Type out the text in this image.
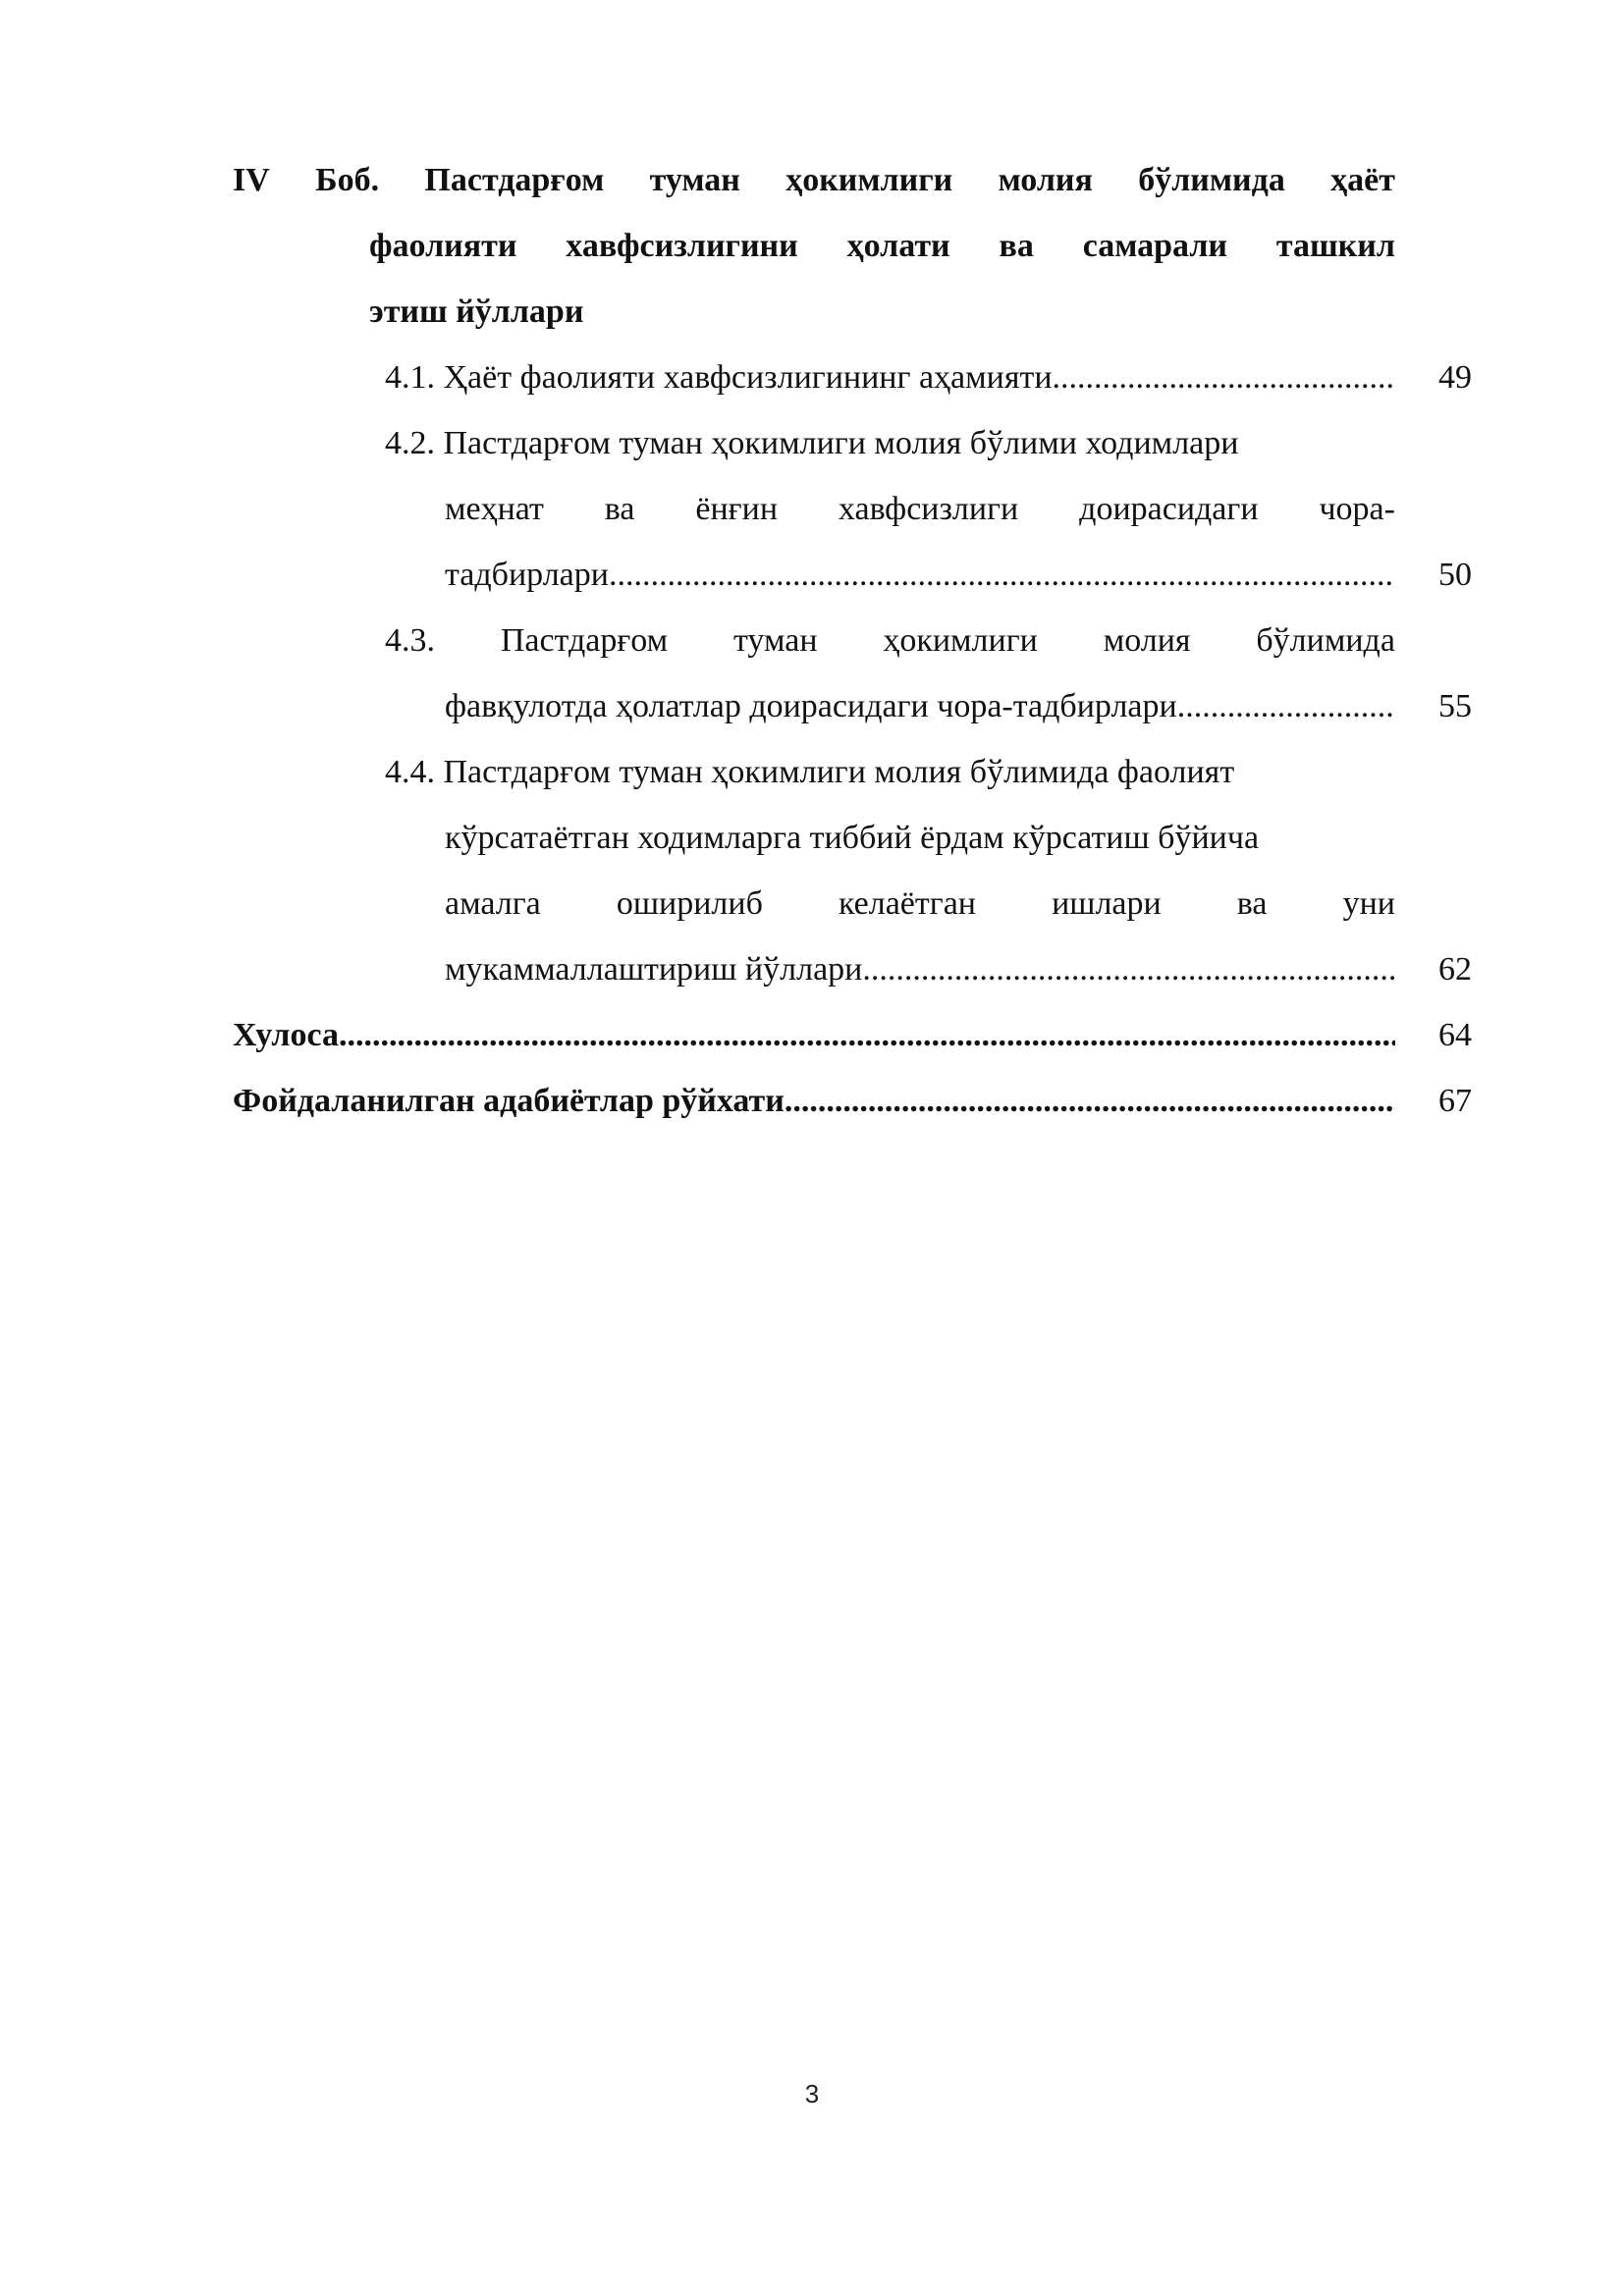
IV Боб. Пастдарғом туман ҳокимлиги молия бўлимида ҳаёт
фаолияти хавфсизлигини ҳолати ва самарали ташкил
этиш йўллари
4.1. Ҳаёт фаолияти хавфсизлигининг аҳамияти .....	49
4.2. Пастдарғом туман ҳокимлиги молия бўлими ходимлари
меҳнат ва ёнғин хавфсизлиги доирасидаги чора-
тадбирлари .....	50
4.3. Пастдарғом туман ҳокимлиги молия бўлимида
фавқулотда ҳолатлар доирасидаги чора-тадбирлари .....	55
4.4. Пастдарғом туман ҳокимлиги молия бўлимида фаолият
кўрсатаётган ходимларга тиббий ёрдам кўрсатиш бўйича
амалга оширилиб келаётган ишлари ва уни
мукаммаллаштириш йўллари .....	62
Хулоса .....	64
Фойдаланилган адабиётлар рўйхати .....	67
3
